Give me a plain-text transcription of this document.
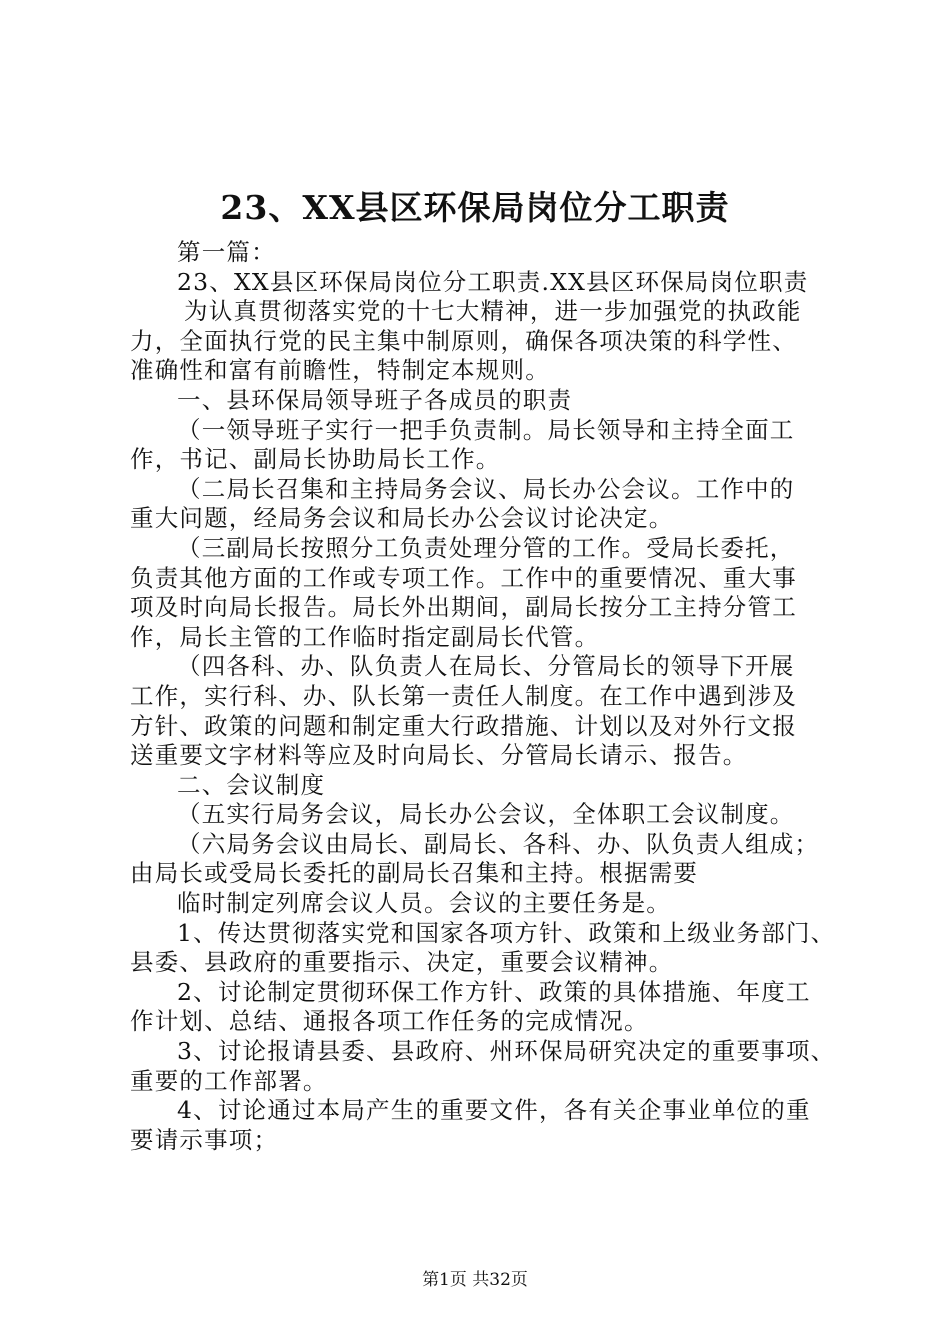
23、XX县区环保局岗位分工职责

第一篇：

23、XX县区环保局岗位分工职责.XX县区环保局岗位职责

为认真贯彻落实党的十七大精神，进一步加强党的执政能

力，全面执行党的民主集中制原则，确保各项决策的科学性、

准确性和富有前瞻性，特制定本规则。

一、县环保局领导班子各成员的职责

（一领导班子实行一把手负责制。局长领导和主持全面工

作，书记、副局长协助局长工作。

（二局长召集和主持局务会议、局长办公会议。工作中的

重大问题，经局务会议和局长办公会议讨论决定。

（三副局长按照分工负责处理分管的工作。受局长委托，

负责其他方面的工作或专项工作。工作中的重要情况、重大事

项及时向局长报告。局长外出期间，副局长按分工主持分管工

作，局长主管的工作临时指定副局长代管。

（四各科、办、队负责人在局长、分管局长的领导下开展

工作，实行科、办、队长第一责任人制度。在工作中遇到涉及

方针、政策的问题和制定重大行政措施、计划以及对外行文报

送重要文字材料等应及时向局长、分管局长请示、报告。

二、会议制度

（五实行局务会议，局长办公会议，全体职工会议制度。

（六局务会议由局长、副局长、各科、办、队负责人组成；

由局长或受局长委托的副局长召集和主持。根据需要

临时制定列席会议人员。会议的主要任务是。

1、传达贯彻落实党和国家各项方针、政策和上级业务部门、

县委、县政府的重要指示、决定，重要会议精神。

2、讨论制定贯彻环保工作方针、政策的具体措施、年度工

作计划、总结、通报各项工作任务的完成情况。

3、讨论报请县委、县政府、州环保局研究决定的重要事项、

重要的工作部署。

4、讨论通过本局产生的重要文件，各有关企事业单位的重

要请示事项；

第1页 共32页
